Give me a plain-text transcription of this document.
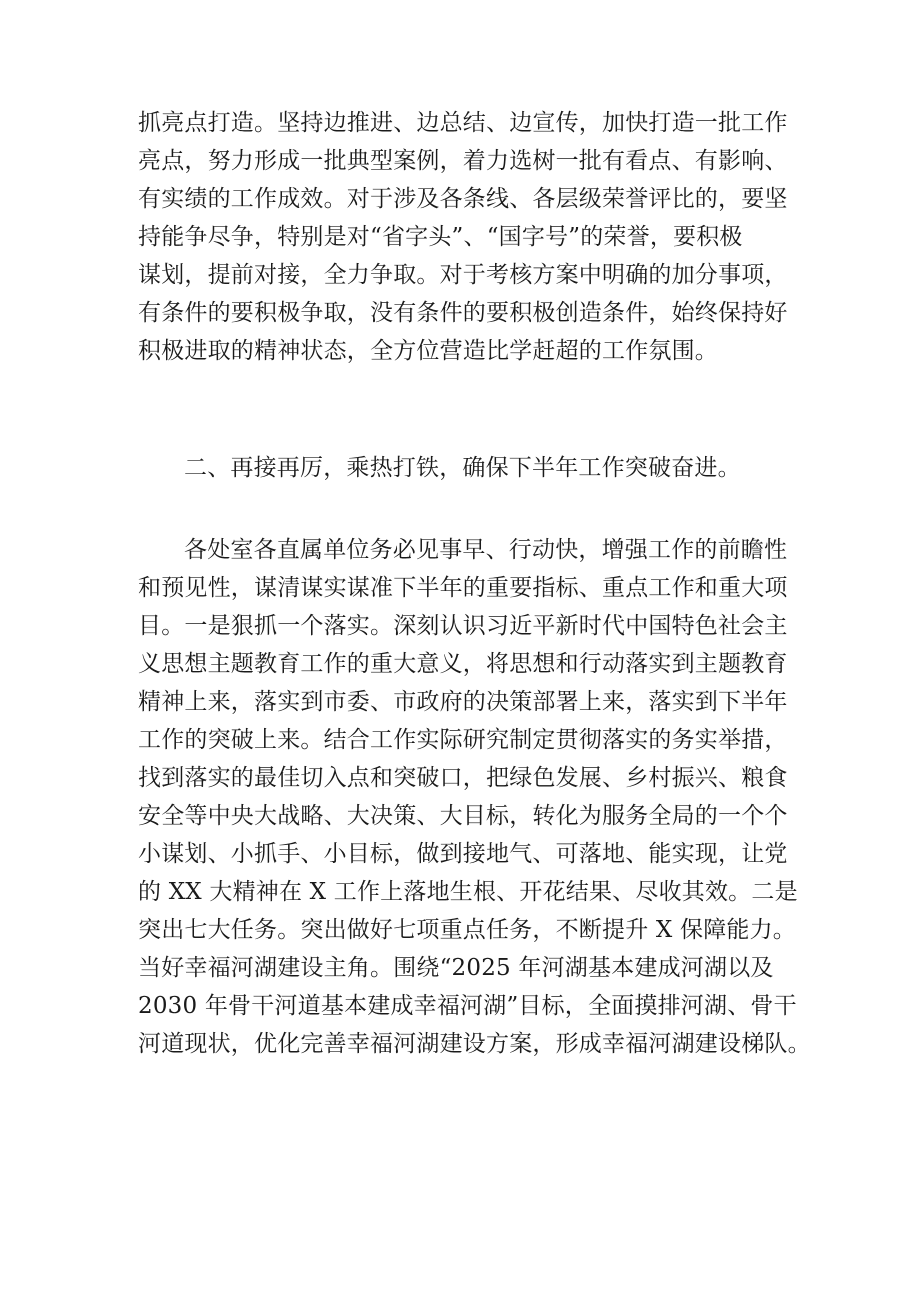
抓亮点打造。坚持边推进、边总结、边宣传，加快打造一批工作
亮点，努力形成一批典型案例，着力选树一批有看点、有影响、
有实绩的工作成效。对于涉及各条线、各层级荣誉评比的，要坚
持能争尽争，特别是对“省字头”、“国字号”的荣誉，要积极
谋划，提前对接，全力争取。对于考核方案中明确的加分事项，
有条件的要积极争取，没有条件的要积极创造条件，始终保持好
积极进取的精神状态，全方位营造比学赶超的工作氛围。
二、再接再厉，乘热打铁，确保下半年工作突破奋进。
各处室各直属单位务必见事早、行动快，增强工作的前瞻性
和预见性，谋清谋实谋准下半年的重要指标、重点工作和重大项
目。一是狠抓一个落实。深刻认识习近平新时代中国特色社会主
义思想主题教育工作的重大意义，将思想和行动落实到主题教育
精神上来，落实到市委、市政府的决策部署上来，落实到下半年
工作的突破上来。结合工作实际研究制定贯彻落实的务实举措，
找到落实的最佳切入点和突破口，把绿色发展、乡村振兴、粮食
安全等中央大战略、大决策、大目标，转化为服务全局的一个个
小谋划、小抓手、小目标，做到接地气、可落地、能实现，让党
的 XX 大精神在 X 工作上落地生根、开花结果、尽收其效。二是
突出七大任务。突出做好七项重点任务，不断提升 X 保障能力。
当好幸福河湖建设主角。围绕“2025 年河湖基本建成河湖以及
2030 年骨干河道基本建成幸福河湖”目标，全面摸排河湖、骨干
河道现状，优化完善幸福河湖建设方案，形成幸福河湖建设梯队。
